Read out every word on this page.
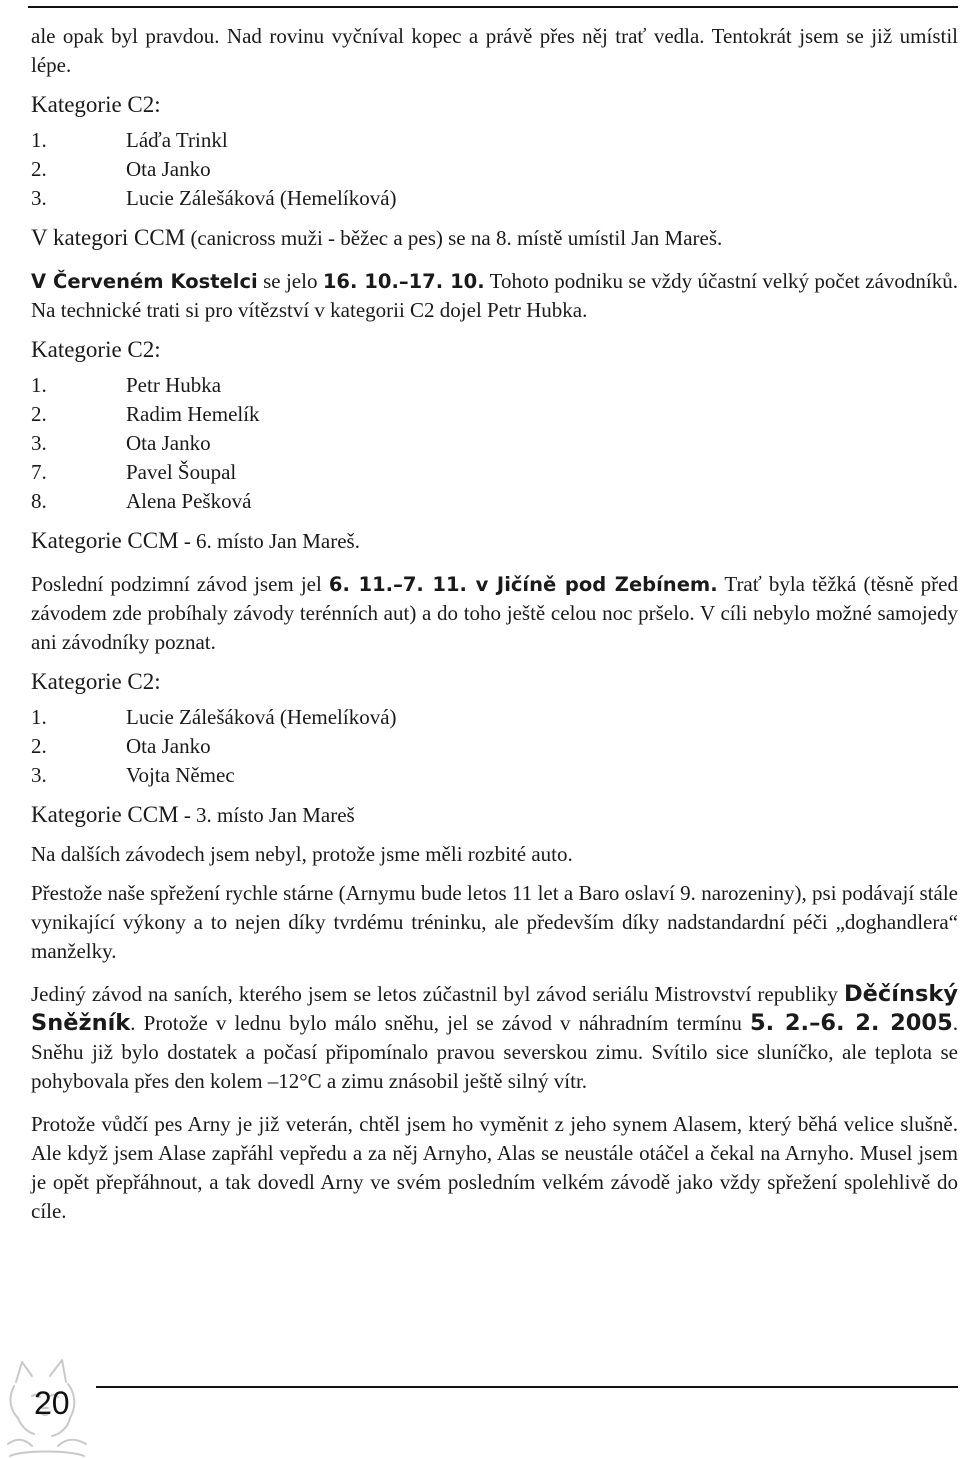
ale opak byl pravdou. Nad rovinu vyčníval kopec a právě přes něj trať vedla. Tentokrát jsem se již umístil lépe.

Kategorie C2:

1.	Láďa Trinkl
2.	Ota Janko
3.	Lucie Zálešáková (Hemelíková)

V kategori CCM (canicross muži - běžec a pes) se na 8. místě umístil Jan Mareš.

V Červeném Kostelci se jelo 16. 10.–17. 10. Tohoto podniku se vždy účastní velký počet závodníků. Na technické trati si pro vítězství v kategorii C2 dojel Petr Hubka.

Kategorie C2:

1.	Petr Hubka
2.	Radim Hemelík
3.	Ota Janko
7.	Pavel Šoupal
8.	Alena Pešková

Kategorie CCM - 6. místo Jan Mareš.

Poslední podzimní závod jsem jel 6. 11.–7. 11. v Jičíně pod Zebínem. Trať byla těžká (těsně před závodem zde probíhaly závody terénních aut) a do toho ještě celou noc pršelo. V cíli nebylo možné samojedy ani závodníky poznat.

Kategorie C2:

1.	Lucie Zálešáková (Hemelíková)
2.	Ota Janko
3.	Vojta Němec

Kategorie CCM - 3. místo Jan Mareš

Na dalších závodech jsem nebyl, protože jsme měli rozbité auto.

Přestože naše spřežení rychle stárne (Arnymu bude letos 11 let a Baro oslaví 9. narozeniny), psi podávají stále vynikající výkony a to nejen díky tvrdému tréninku, ale především díky nadstandardní péči „doghandlera“ manželky.

Jediný závod na saních, kterého jsem se letos zúčastnil byl závod seriálu Mistrovství republiky Děčínský Sněžník. Protože v lednu bylo málo sněhu, jel se závod v náhradním termínu 5. 2.–6. 2. 2005. Sněhu již bylo dostatek a počasí připomínalo pravou severskou zimu. Svítilo sice sluníčko, ale teplota se pohybovala přes den kolem –12°C a zimu znásobil ještě silný vítr.

Protože vůdčí pes Arny je již veterán, chtěl jsem ho vyměnit z jeho synem Alasem, který běhá velice slušně. Ale když jsem Alase zapřáhl vepředu a za něj Arnyho, Alas se neustále otáčel a čekal na Arnyho. Musel jsem je opět přepřáhnout, a tak dovedl Arny ve svém posledním velkém závodě jako vždy spřežení spolehlivě do cíle.

20
